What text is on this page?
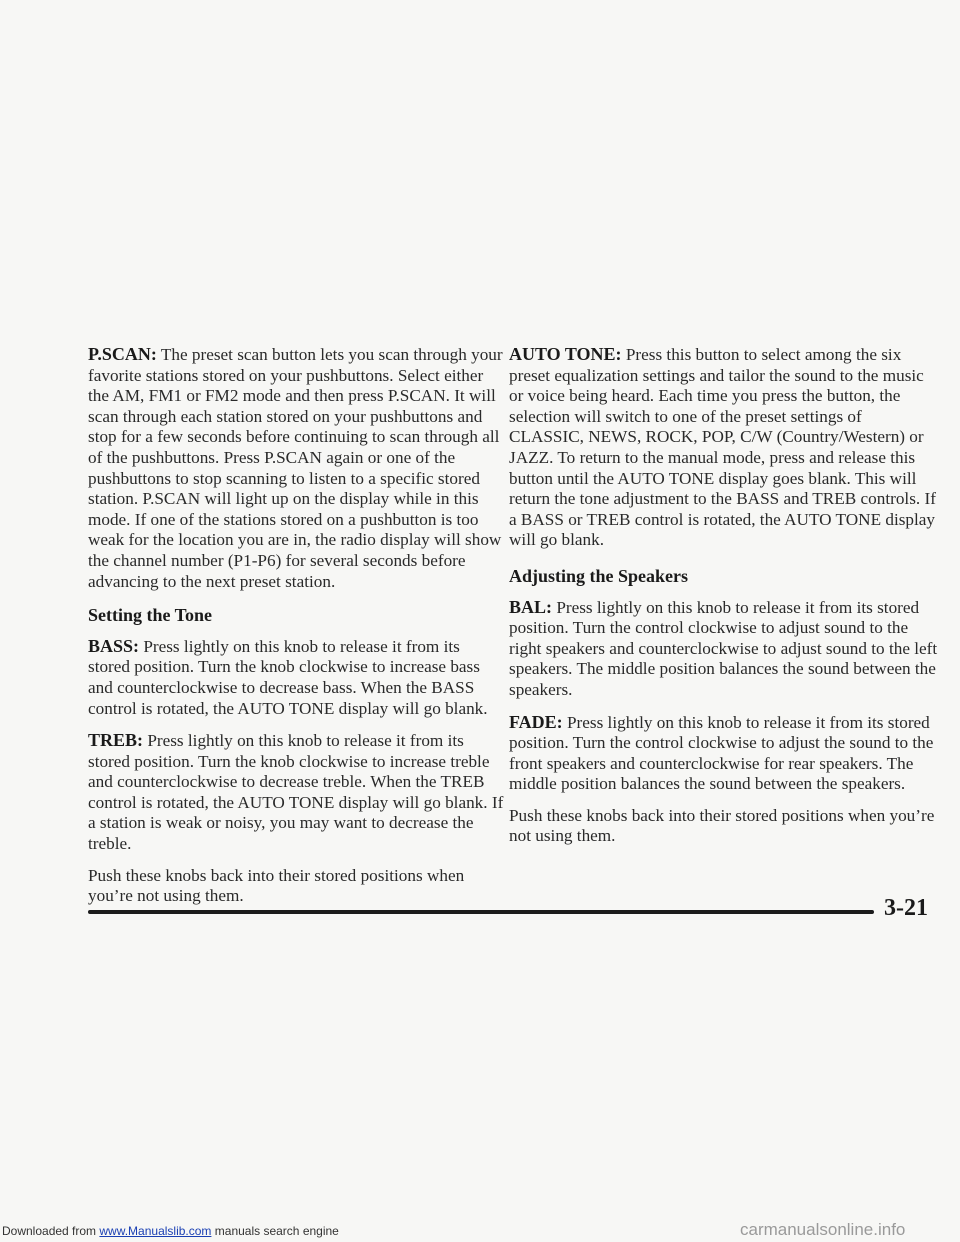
P.SCAN: The preset scan button lets you scan through your favorite stations stored on your pushbuttons. Select either the AM, FM1 or FM2 mode and then press P.SCAN. It will scan through each station stored on your pushbuttons and stop for a few seconds before continuing to scan through all of the pushbuttons. Press P.SCAN again or one of the pushbuttons to stop scanning to listen to a specific stored station. P.SCAN will light up on the display while in this mode. If one of the stations stored on a pushbutton is too weak for the location you are in, the radio display will show the channel number (P1-P6) for several seconds before advancing to the next preset station.

Setting the Tone

BASS: Press lightly on this knob to release it from its stored position. Turn the knob clockwise to increase bass and counterclockwise to decrease bass. When the BASS control is rotated, the AUTO TONE display will go blank.

TREB: Press lightly on this knob to release it from its stored position. Turn the knob clockwise to increase treble and counterclockwise to decrease treble. When the TREB control is rotated, the AUTO TONE display will go blank. If a station is weak or noisy, you may want to decrease the treble.

Push these knobs back into their stored positions when you’re not using them.

AUTO TONE: Press this button to select among the six preset equalization settings and tailor the sound to the music or voice being heard. Each time you press the button, the selection will switch to one of the preset settings of CLASSIC, NEWS, ROCK, POP, C/W (Country/Western) or JAZZ. To return to the manual mode, press and release this button until the AUTO TONE display goes blank. This will return the tone adjustment to the BASS and TREB controls. If a BASS or TREB control is rotated, the AUTO TONE display will go blank.

Adjusting the Speakers

BAL: Press lightly on this knob to release it from its stored position. Turn the control clockwise to adjust sound to the right speakers and counterclockwise to adjust sound to the left speakers. The middle position balances the sound between the speakers.

FADE: Press lightly on this knob to release it from its stored position. Turn the control clockwise to adjust the sound to the front speakers and counterclockwise for rear speakers. The middle position balances the sound between the speakers.

Push these knobs back into their stored positions when you’re not using them.

3-21
Downloaded from www.Manualslib.com manuals search engine	carmanualsonline.info
